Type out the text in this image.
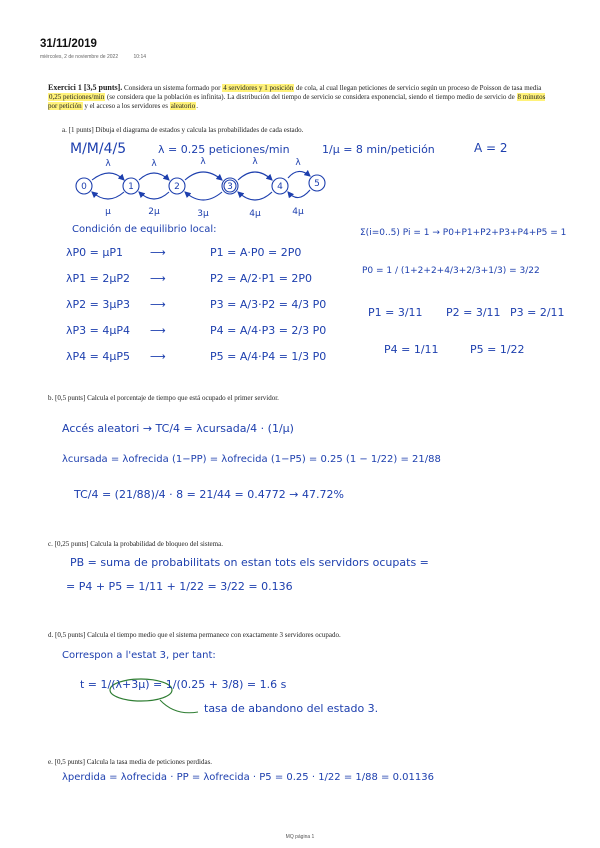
31/11/2019
miércoles, 2 de noviembre de 2022	10:14
Exercici 1 [3,5 punts]. Considera un sistema formado por 4 servidores y 1 posición de cola, al cual llegan peticiones de servicio según un proceso de Poisson de tasa media 0,25 peticiones/min (se considera que la población es infinita). La distribución del tiempo de servicio se considera exponencial, siendo el tiempo medio de servicio de 8 minutos por petición y el acceso a los servidores es aleatorio.
a. [1 punts] Dibuja el diagrama de estados y calcula las probabilidades de cada estado.
M/M/4/5	λ = 0.25 peticiones/min	1/μ = 8 min/petición	A = 2
0	1	2	3	4	5
λ	λ	λ	λ	λ
μ	2μ	3μ	4μ	4μ
Condición de equilibrio local:
λP0 = μP1 ⟶	P1 = A·P0 = 2P0
λP1 = 2μP2 ⟶	P2 = A/2·P1 = 2P0
λP2 = 3μP3 ⟶	P3 = A/3·P2 = 4/3 P0
λP3 = 4μP4 ⟶	P4 = A/4·P3 = 2/3 P0
λP4 = 4μP5 ⟶	P5 = A/4·P4 = 1/3 P0
Σ(i=0..5) Pi = 1 → P0+P1+P2+P3+P4+P5 = 1
P0 = 1 / (1+2+2+4/3+2/3+1/3) = 3/22
P1 = 3/11 P2 = 3/11 P3 = 2/11
P4 = 1/11	P5 = 1/22
b. [0,5 punts] Calcula el porcentaje de tiempo que está ocupado el primer servidor.
Accés aleatori → TC/4 = λcursada/4 · (1/μ)
λcursada = λofrecida (1−PP) = λofrecida (1−P5) = 0.25 (1 − 1/22) = 21/88
TC/4 = (21/88)/4 · 8 = 21/44 = 0.4772 → 47.72%
c. [0,25 punts] Calcula la probabilidad de bloqueo del sistema.
PB = suma de probabilitats on estan tots els servidors ocupats =
= P4 + P5 = 1/11 + 1/22 = 3/22 = 0.136
d. [0,5 punts] Calcula el tiempo medio que el sistema permanece con exactamente 3 servidores ocupado.
Correspon a l'estat 3, per tant:
t = 1/(λ+3μ) = 1/(0.25 + 3/8) = 1.6 s
tasa de abandono del estado 3.
e. [0,5 punts] Calcula la tasa media de peticiones perdidas.
λperdida = λofrecida · PP = λofrecida · P5 = 0.25 · 1/22 = 1/88 = 0.01136
MQ página 1
